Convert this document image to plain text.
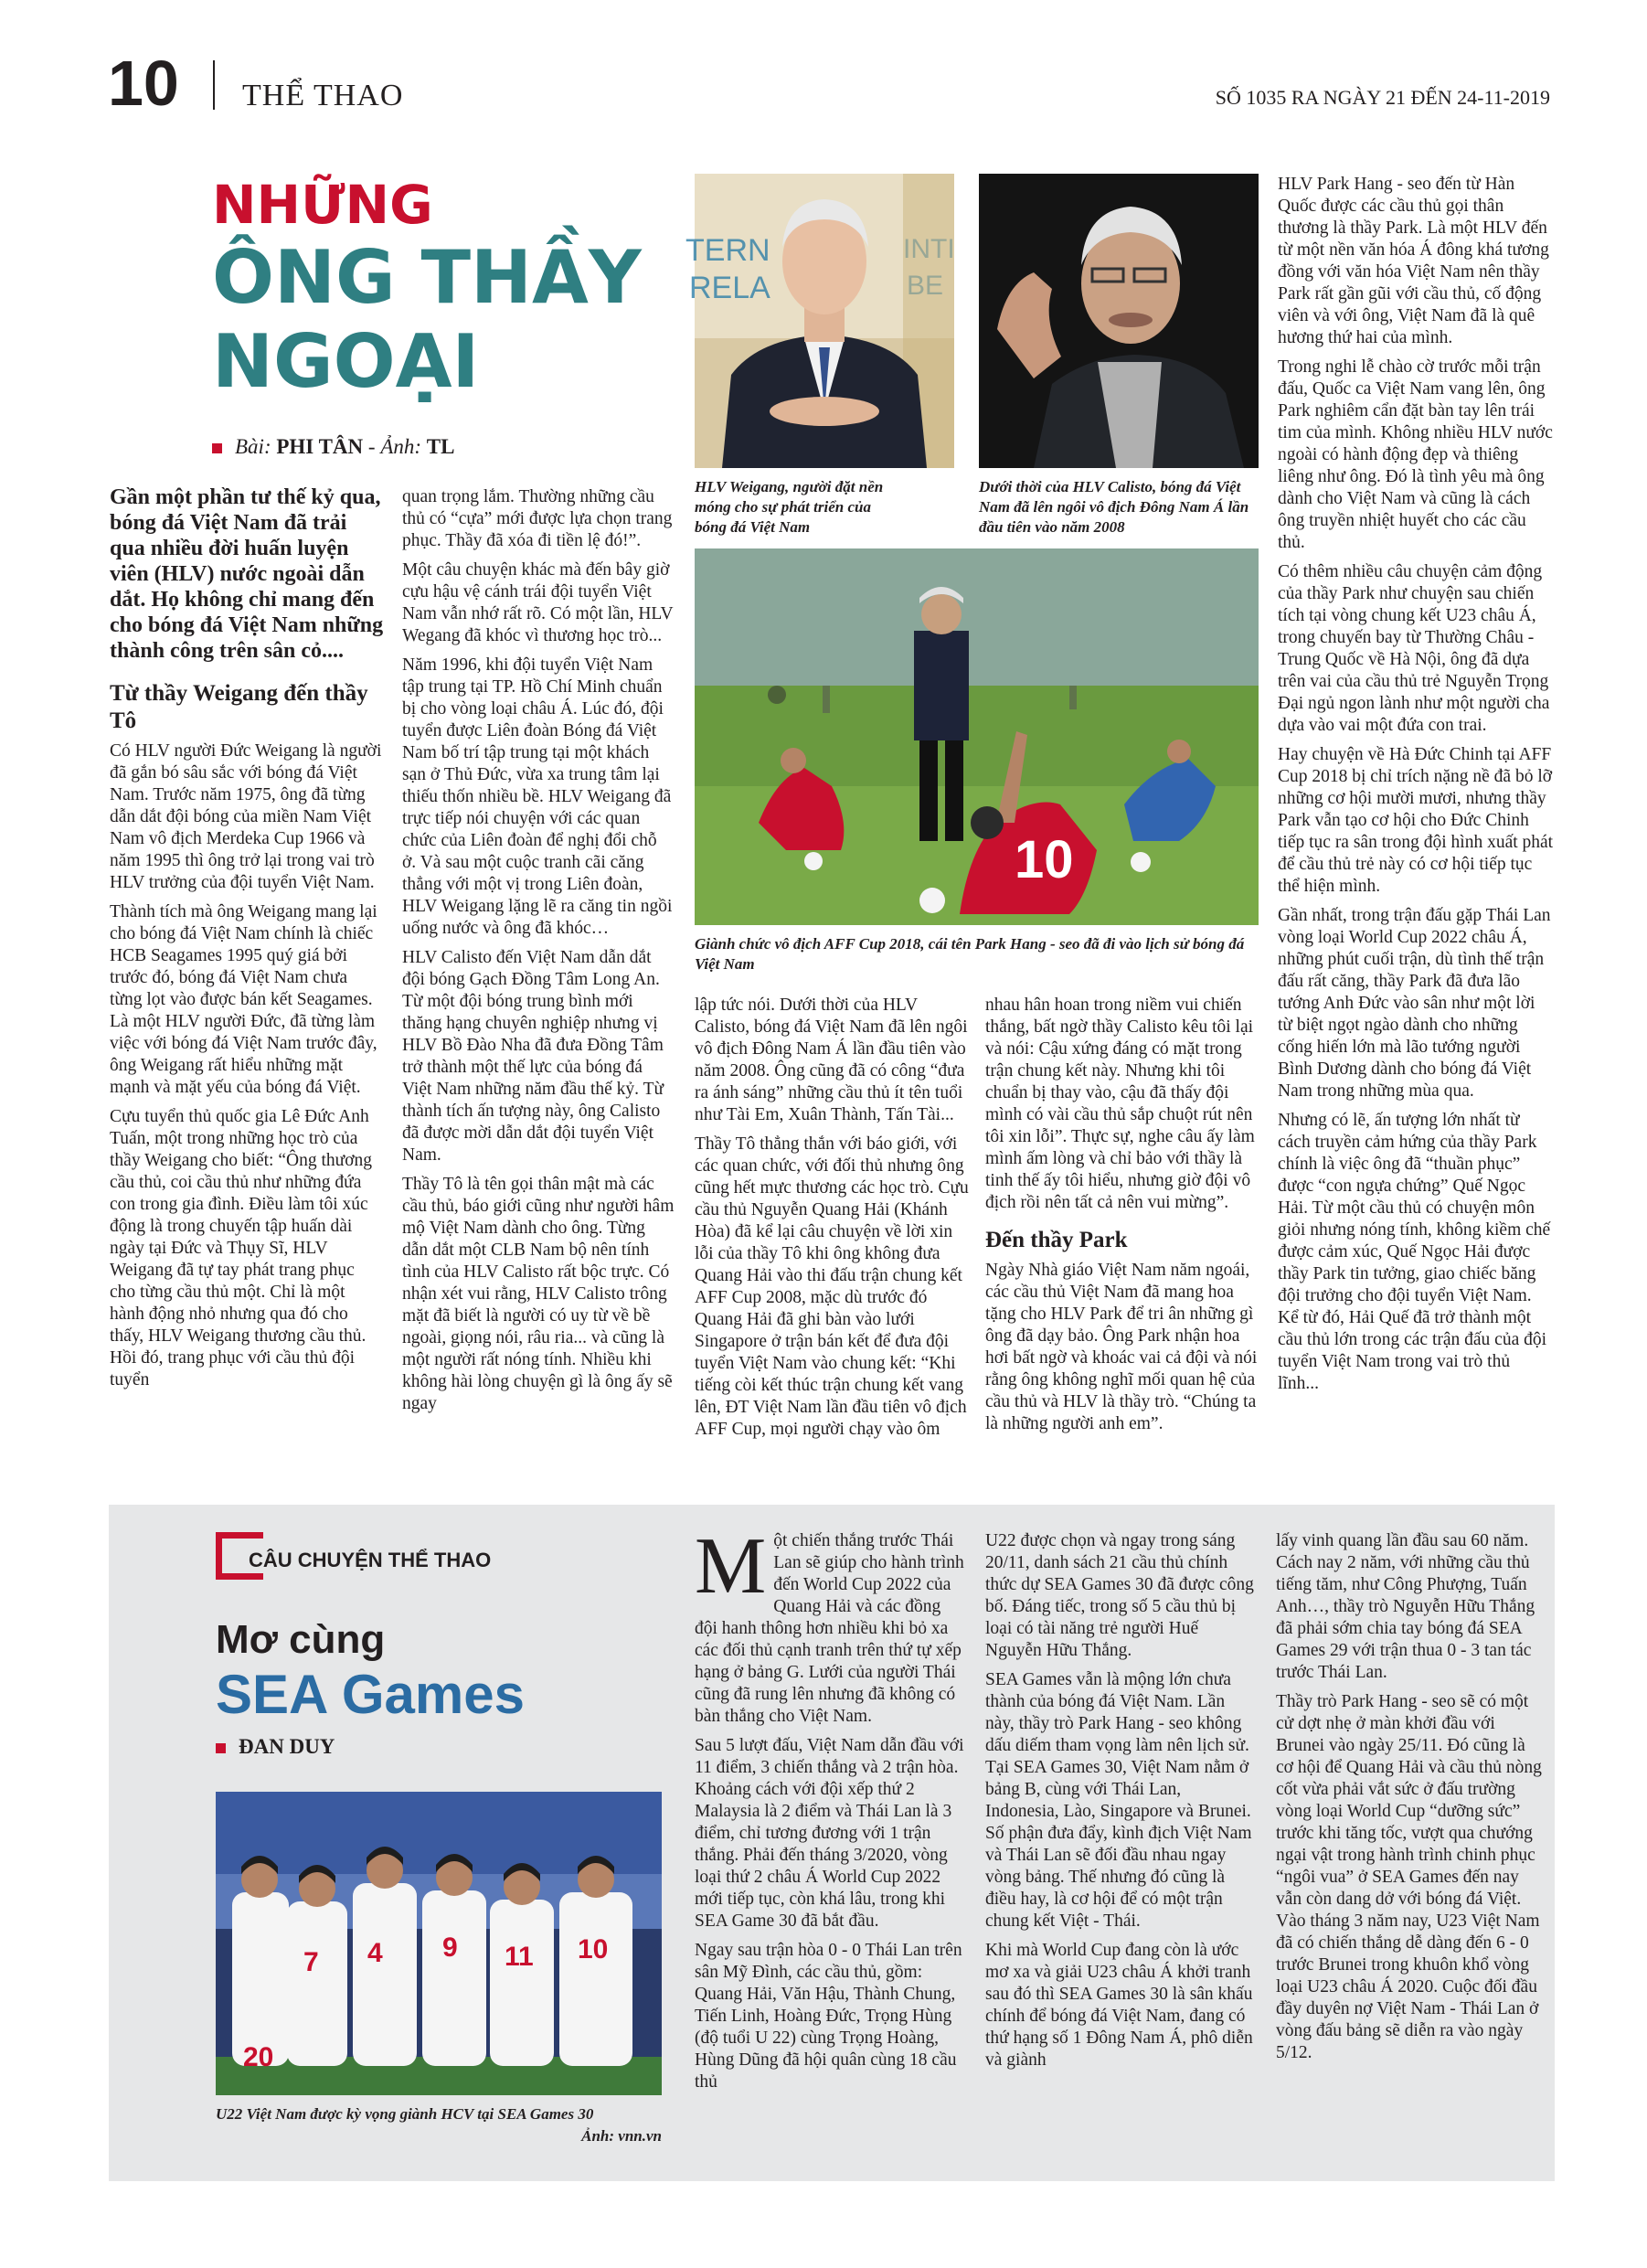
10 THỂ THAO	SỐ 1035 RA NGÀY 21 ĐẾN 24-11-2019
NHỮNG
ÔNG THẦY
NGOẠI
Bài: PHI TÂN - Ảnh: TL
Gần một phần tư thế kỷ qua, bóng đá Việt Nam đã trải qua nhiều đời huấn luyện viên (HLV) nước ngoài dẫn dắt. Họ không chỉ mang đến cho bóng đá Việt Nam những thành công trên sân cỏ....
Từ thầy Weigang đến thầy Tô

Có HLV người Đức Weigang là người đã gắn bó sâu sắc với bóng đá Việt Nam. Trước năm 1975, ông đã từng dẫn dắt đội bóng của miền Nam Việt Nam vô địch Merdeka Cup 1966 và năm 1995 thì ông trở lại trong vai trò HLV trưởng của đội tuyển Việt Nam.

Thành tích mà ông Weigang mang lại cho bóng đá Việt Nam chính là chiếc HCB Seagames 1995 quý giá bởi trước đó, bóng đá Việt Nam chưa từng lọt vào được bán kết Seagames. Là một HLV người Đức, đã từng làm việc với bóng đá Việt Nam trước đây, ông Weigang rất hiểu những mặt mạnh và mặt yếu của bóng đá Việt.

Cựu tuyển thủ quốc gia Lê Đức Anh Tuấn, một trong những học trò của thầy Weigang cho biết: “Ông thương cầu thủ, coi cầu thủ như những đứa con trong gia đình. Điều làm tôi xúc động là trong chuyến tập huấn dài ngày tại Đức và Thụy Sĩ, HLV Weigang đã tự tay phát trang phục cho từng cầu thủ một. Chỉ là một hành động nhỏ nhưng qua đó cho thấy, HLV Weigang thương cầu thủ. Hồi đó, trang phục với cầu thủ đội tuyển

quan trọng lắm. Thường những cầu thủ có “cựa” mới được lựa chọn trang phục. Thầy đã xóa đi tiền lệ đó!”.

Một câu chuyện khác mà đến bây giờ cựu hậu vệ cánh trái đội tuyển Việt Nam vẫn nhớ rất rõ. Có một lần, HLV Wegang đã khóc vì thương học trò...

Năm 1996, khi đội tuyển Việt Nam tập trung tại TP. Hồ Chí Minh chuẩn bị cho vòng loại châu Á. Lúc đó, đội tuyển được Liên đoàn Bóng đá Việt Nam bố trí tập trung tại một khách sạn ở Thủ Đức, vừa xa trung tâm lại thiếu thốn nhiều bề. HLV Weigang đã trực tiếp nói chuyện với các quan chức của Liên đoàn để nghị đổi chỗ ở. Và sau một cuộc tranh cãi căng thẳng với một vị trong Liên đoàn, HLV Weigang lặng lẽ ra căng tin ngồi uống nước và ông đã khóc…

HLV Calisto đến Việt Nam dẫn dắt đội bóng Gạch Đồng Tâm Long An. Từ một đội bóng trung bình mới thăng hạng chuyên nghiệp nhưng vị HLV Bồ Đào Nha đã đưa Đồng Tâm trở thành một thế lực của bóng đá Việt Nam những năm đầu thế kỷ. Từ thành tích ấn tượng này, ông Calisto đã được mời dẫn dắt đội tuyển Việt Nam.

Thầy Tô là tên gọi thân mật mà các cầu thủ, báo giới cũng như người hâm mộ Việt Nam dành cho ông. Từng dẫn dắt một CLB Nam bộ nên tính tình của HLV Calisto rất bộc trực. Có nhận xét vui rằng, HLV Calisto trông mặt đã biết là người có uy từ về bề ngoài, giọng nói, râu ria... và cũng là một người rất nóng tính. Nhiều khi không hài lòng chuyện gì là ông ấy sẽ ngay

TERN
RELA
HLV Weigang, người đặt nền móng cho sự phát triển của bóng đá Việt Nam
Dưới thời của HLV Calisto, bóng đá Việt Nam đã lên ngôi vô địch Đông Nam Á lần đầu tiên vào năm 2008
10
Giành chức vô địch AFF Cup 2018, cái tên Park Hang - seo đã đi vào lịch sử bóng đá Việt Nam

lập tức nói. Dưới thời của HLV Calisto, bóng đá Việt Nam đã lên ngôi vô địch Đông Nam Á lần đầu tiên vào năm 2008. Ông cũng đã có công “đưa ra ánh sáng” những cầu thủ ít tên tuổi như Tài Em, Xuân Thành, Tấn Tài...

Thầy Tô thẳng thắn với báo giới, với các quan chức, với đối thủ nhưng ông cũng hết mực thương các học trò. Cựu cầu thủ Nguyễn Quang Hải (Khánh Hòa) đã kể lại câu chuyện về lời xin lỗi của thầy Tô khi ông không đưa Quang Hải vào thi đấu trận chung kết AFF Cup 2008, mặc dù trước đó Quang Hải đã ghi bàn vào lưới Singapore ở trận bán kết để đưa đội tuyển Việt Nam vào chung kết: “Khi tiếng còi kết thúc trận chung kết vang lên, ĐT Việt Nam lần đầu tiên vô địch AFF Cup, mọi người chạy vào ôm

nhau hân hoan trong niềm vui chiến thắng, bất ngờ thầy Calisto kêu tôi lại và nói: Cậu xứng đáng có mặt trong trận chung kết này. Nhưng khi tôi chuẩn bị thay vào, cậu đã thấy đội mình có vài cầu thủ sắp chuột rút nên tôi xin lỗi”. Thực sự, nghe câu ấy làm mình ấm lòng và chỉ bảo với thầy là tinh thế ấy tôi hiểu, nhưng giờ đội vô địch rồi nên tất cả nên vui mừng”.

Đến thầy Park

Ngày Nhà giáo Việt Nam năm ngoái, các cầu thủ Việt Nam đã mang hoa tặng cho HLV Park để tri ân những gì ông đã dạy bảo. Ông Park nhận hoa hơi bất ngờ và khoác vai cả đội và nói rằng ông không nghĩ mối quan hệ của cầu thủ và HLV là thầy trò. “Chúng ta là những người anh em”.

HLV Park Hang - seo đến từ Hàn Quốc được các cầu thủ gọi thân thương là thầy Park. Là một HLV đến từ một nền văn hóa Á đông khá tương đồng với văn hóa Việt Nam nên thầy Park rất gần gũi với cầu thủ, cố động viên và với ông, Việt Nam đã là quê hương thứ hai của mình.

Trong nghi lễ chào cờ trước mỗi trận đấu, Quốc ca Việt Nam vang lên, ông Park nghiêm cẩn đặt bàn tay lên trái tim của mình. Không nhiều HLV nước ngoài có hành động đẹp và thiêng liêng như ông. Đó là tình yêu mà ông dành cho Việt Nam và cũng là cách ông truyền nhiệt huyết cho các cầu thủ.

Có thêm nhiều câu chuyện cảm động của thầy Park như chuyện sau chiến tích tại vòng chung kết U23 châu Á, trong chuyến bay từ Thường Châu - Trung Quốc về Hà Nội, ông đã dựa trên vai của cầu thủ trẻ Nguyễn Trọng Đại ngủ ngon lành như một người cha dựa vào vai một đứa con trai.

Hay chuyện về Hà Đức Chinh tại AFF Cup 2018 bị chỉ trích nặng nề đã bỏ lỡ những cơ hội mười mươi, nhưng thầy Park vẫn tạo cơ hội cho Đức Chinh tiếp tục ra sân trong đội hình xuất phát để cầu thủ trẻ này có cơ hội tiếp tục thể hiện mình.

Gần nhất, trong trận đấu gặp Thái Lan vòng loại World Cup 2022 châu Á, những phút cuối trận, dù tình thế trận đấu rất căng, thầy Park đã đưa lão tướng Anh Đức vào sân như một lời từ biệt ngọt ngào dành cho những cống hiến lớn mà lão tướng người Bình Dương dành cho bóng đá Việt Nam trong những mùa qua.

Nhưng có lẽ, ấn tượng lớn nhất từ cách truyền cảm hứng của thầy Park chính là việc ông đã “thuần phục” được “con ngựa chứng” Quế Ngọc Hải. Từ một cầu thủ có chuyện môn giỏi nhưng nóng tính, không kiềm chế được cảm xúc, Quế Ngọc Hải được thầy Park tin tưởng, giao chiếc băng đội trưởng cho đội tuyển Việt Nam. Kể từ đó, Hải Quế đã trở thành một cầu thủ lớn trong các trận đấu của đội tuyển Việt Nam trong vai trò thủ lĩnh...

CÂU CHUYỆN THỂ THAO
Mơ cùng
SEA Games
ĐAN DUY
20
9 11 10
4
7
U22 Việt Nam được kỳ vọng giành HCV tại SEA Games 30
Ảnh: vnn.vn

Một chiến thắng trước Thái Lan sẽ giúp cho hành trình đến World Cup 2022 của Quang Hải và các đồng đội hanh thông hơn nhiều khi bỏ xa các đối thủ cạnh tranh trên thứ tự xếp hạng ở bảng G. Lưới của người Thái cũng đã rung lên nhưng đã không có bàn thắng cho Việt Nam.

Sau 5 lượt đấu, Việt Nam dẫn đầu với 11 điểm, 3 chiến thắng và 2 trận hòa. Khoảng cách với đội xếp thứ 2 Malaysia là 2 điểm và Thái Lan là 3 điểm, chỉ tương đương với 1 trận thắng. Phải đến tháng 3/2020, vòng loại thứ 2 châu Á World Cup 2022 mới tiếp tục, còn khá lâu, trong khi SEA Game 30 đã bắt đầu.

Ngay sau trận hòa 0 - 0 Thái Lan trên sân Mỹ Đình, các cầu thủ, gồm: Quang Hải, Văn Hậu, Thành Chung, Tiến Linh, Hoàng Đức, Trọng Hùng (độ tuổi U 22) cùng Trọng Hoàng, Hùng Dũng đã hội quân cùng 18 cầu thủ

U22 được chọn và ngay trong sáng 20/11, danh sách 21 cầu thủ chính thức dự SEA Games 30 đã được công bố. Đáng tiếc, trong số 5 cầu thủ bị loại có tài năng trẻ người Huế Nguyễn Hữu Thắng.

SEA Games vẫn là mộng lớn chưa thành của bóng đá Việt Nam. Lần này, thầy trò Park Hang - seo không dấu diếm tham vọng làm nên lịch sử. Tại SEA Games 30, Việt Nam nằm ở bảng B, cùng với Thái Lan, Indonesia, Lào, Singapore và Brunei. Số phận đưa đẩy, kình địch Việt Nam và Thái Lan sẽ đối đầu nhau ngay vòng bảng. Thế nhưng đó cũng là điều hay, là cơ hội để có một trận chung kết Việt - Thái.

Khi mà World Cup đang còn là ước mơ xa và giải U23 châu Á khởi tranh sau đó thì SEA Games 30 là sân khấu chính để bóng đá Việt Nam, đang có thứ hạng số 1 Đông Nam Á, phô diễn và giành

lấy vinh quang lần đầu sau 60 năm. Cách nay 2 năm, với những cầu thủ tiếng tăm, như Công Phượng, Tuấn Anh…, thầy trò Nguyễn Hữu Thắng đã phải sớm chia tay bóng đá SEA Games 29 với trận thua 0 - 3 tan tác trước Thái Lan.

Thầy trò Park Hang - seo sẽ có một cử dợt nhẹ ở màn khởi đầu với Brunei vào ngày 25/11. Đó cũng là cơ hội để Quang Hải và cầu thủ nòng cốt vừa phải vắt sức ở đấu trường vòng loại World Cup “dưỡng sức” trước khi tăng tốc, vượt qua chướng ngại vật trong hành trình chinh phục “ngôi vua” ở SEA Games đến nay vẫn còn dang dở với bóng đá Việt. Vào tháng 3 năm nay, U23 Việt Nam đã có chiến thắng dễ dàng đến 6 - 0 trước Brunei trong khuôn khổ vòng loại U23 châu Á 2020. Cuộc đối đầu đầy duyên nợ Việt Nam - Thái Lan ở vòng đấu bảng sẽ diễn ra vào ngày 5/12.
